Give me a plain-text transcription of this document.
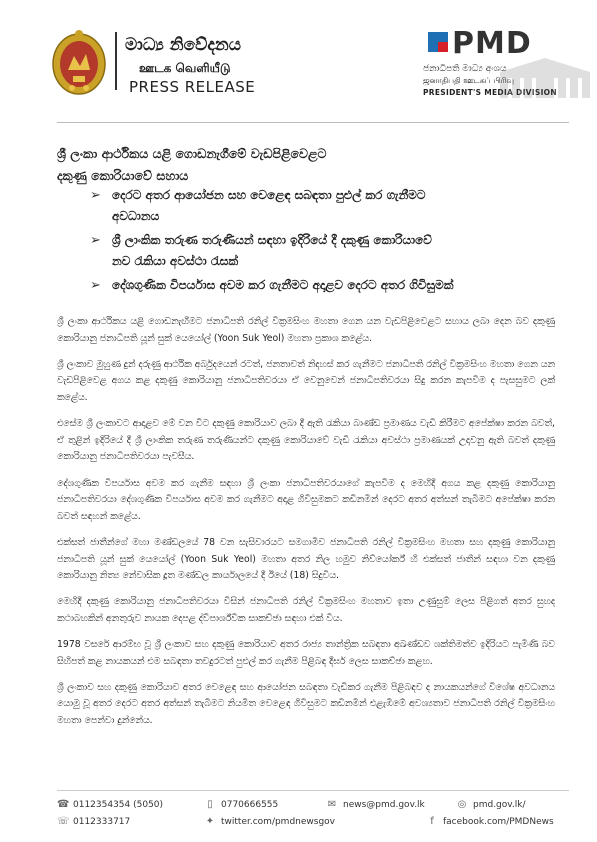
මාධ්‍ය නිවේදනය
ஊடக வெளியீடு
PRESS RELEASE
PMD
ජනාධිපති මාධ්‍ය අංශය
ஜனாதிபதி ஊடகப் பிரிவு
PRESIDENT'S MEDIA DIVISION
ශ්‍රී ලංකා ආර්ථිකය යළි ගොඩනැගීමේ වැඩපිළිවෙළට
දකුණු කොරියාවේ සහාය
➢ දෙරට අතර ආයෝජන සහ වෙළෙඳ සබඳතා පුළුල් කර ගැනීමට
අවධානය
➢ ශ්‍රී ලාංකික තරුණ තරුණියන් සඳහා ඉදිරියේ දී දකුණු කොරියාවේ
නව රැකියා අවස්ථා රැසක්
➢ දේශගුණික විපර්යාස අවම කර ගැනීමට අදාළව දෙරට අතර ගිවිසුමක්

ශ්‍රී ලංකා ආර්ථිකය යළි ගොඩනැඟීමට ජනාධිපති රනිල් වික්‍රමසිංහ මහතා ගෙන යන වැඩපිළිවෙළට සහාය ලබා දෙන බව දකුණු කොරියානු ජනාධිපති යූන් සුක් යෙයෝල් (Yoon Suk Yeol) මහතා ප්‍රකාශ කළේය.

ශ්‍රී ලංකාව මුහුණ දුන් දරුණු ආර්ථික අර්බුදයෙන් රටත්, ජනතාවත් නිදහස් කර ගැනීමට ජනාධිපති රනිල් වික්‍රමසිංහ මහතා ගෙන යන වැඩපිළිවෙළ අගය කළ දකුණු කොරියානු ජනාධිපතිවරයා ඒ වෙනුවෙන් ජනාධිපතිවරයා සිදු කරන කැපවීම ද පැසසුමට ලක් කළේය.

එසේම ශ්‍රී ලංකාවට ආදාළව මේ වන විට දකුණු කොරියාව ලබා දී ඇති රැකියා බාණ්ඩ ප්‍රමාණය වැඩි කිරීමට අපේක්ෂා කරන බවත්, ඒ තුළින් ඉදිරියේ දී ශ්‍රී ලාංකික තරුණ තරුණියන්ට දකුණු කොරියාවේ වැඩි රැකියා අවස්ථා ප්‍රමාණයක් උදාවනු ඇති බවත් දකුණු කොරියානු ජනාධිපතිවරයා පැවසීය.

දේශගුණික විපර්යාස අවම කර ගැනීම සඳහා ශ්‍රී ලංකා ජනාධිපතිවරයාගේ කැපවීම ද මෙහිදී අගය කළ දකුණු කොරියානු ජනාධිපතිවරයා දේශගුණික විපර්යාස අවම කර ගැනීමට අදාළ ගිවිසුමකට කඩිනමින් දෙරට අතර අත්සන් තැබීමට අපේක්ෂා කරන බවත් සඳහන් කළේය.

එක්සත් ජාතීන්ගේ මහා මණ්ඩලයේ 78 වන සැසිවාරයට සමගාමීව ජනාධිපති රනිල් වික්‍රමසිංහ මහතා සහ දකුණු කොරියානු ජනාධිපති යූන් සුක් යෙයෝල් (Yoon Suk Yeol) මහතා අතර නිල හමුව නිව්යෝර්ක් හි එක්සත් ජාතීන් සඳහා වන දකුණු කොරියානු නිත්‍ය නේවාසික දූත මණ්ඩල කාර්යාලයේ දී ඊයේ (18) සිදුවිය.

මෙහිදී දකුණු කොරියානු ජනාධිපතිවරයා විසින් ජනාධිපති රනිල් වික්‍රමසිංහ මහතාව ඉතා උණුසුම් ලෙස පිළිගත් අතර සුහද කථාබහකින් අනතුරුව නායක දෙපළ ද්විපාර්ශ්වික සාකච්ඡා සඳහා එක් විය.

1978 වසරේ ආරම්භ වූ ශ්‍රී ලංකාව සහ දකුණු කොරියාව අතර රාජ්‍ය තාන්ත්‍රික සබඳතා අඛණ්ඩව ශක්තිමත්ව ඉදිරියට පැමිණි බව සිහිපත් කළ නායකයන් එම සබඳතා තවදුරටත් පුළුල් කර ගැනීම පිළිබඳ දීර්ඝ ලෙස සාකච්ඡා කළහ.

ශ්‍රී ලංකාව සහ දකුණු කොරියාව අතර වෙළෙඳ සහ ආයෝජන සබඳතා වැඩිකර ගැනීම පිළිබඳව ද නායකයන්ගේ විශේෂ අවධානය යොමු වූ අතර දෙරට අතර අත්සන් තැබීමට නියමිත වෙළෙඳ ගිවිසුමට කඩිනමින් එළැඹීමේ අවශ්‍යතාව ජනාධිපති රනිල් වික්‍රමසිංහ මහතා පෙන්වා දුන්නේය.

☎ 0112354354 (5050)
☏ 0112333717
▯ 0770666555
✦ twitter.com/pmdnewsgov
✉ news@pmd.gov.lk	◎ pmd.gov.lk/
f	facebook.com/PMDNews
